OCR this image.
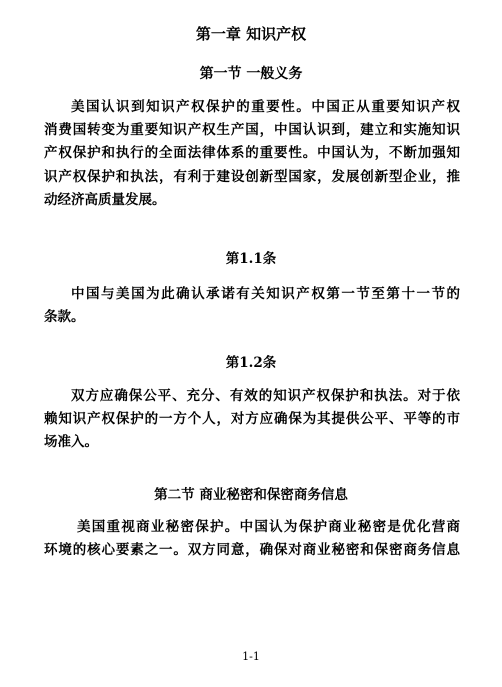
第一章 知识产权
第一节 一般义务
美国认识到知识产权保护的重要性。中国正从重要知识产权
消费国转变为重要知识产权生产国，中国认识到，建立和实施知识
产权保护和执行的全面法律体系的重要性。中国认为，不断加强知
识产权保护和执法，有利于建设创新型国家，发展创新型企业，推
动经济高质量发展。
第1.1条
中国与美国为此确认承诺有关知识产权第一节至第十一节的
条款。
第1.2条
双方应确保公平、充分、有效的知识产权保护和执法。对于依
赖知识产权保护的一方个人，对方应确保为其提供公平、平等的市
场准入。
第二节 商业秘密和保密商务信息
美国重视商业秘密保护。中国认为保护商业秘密是优化营商
环境的核心要素之一。双方同意，确保对商业秘密和保密商务信息
1-1
